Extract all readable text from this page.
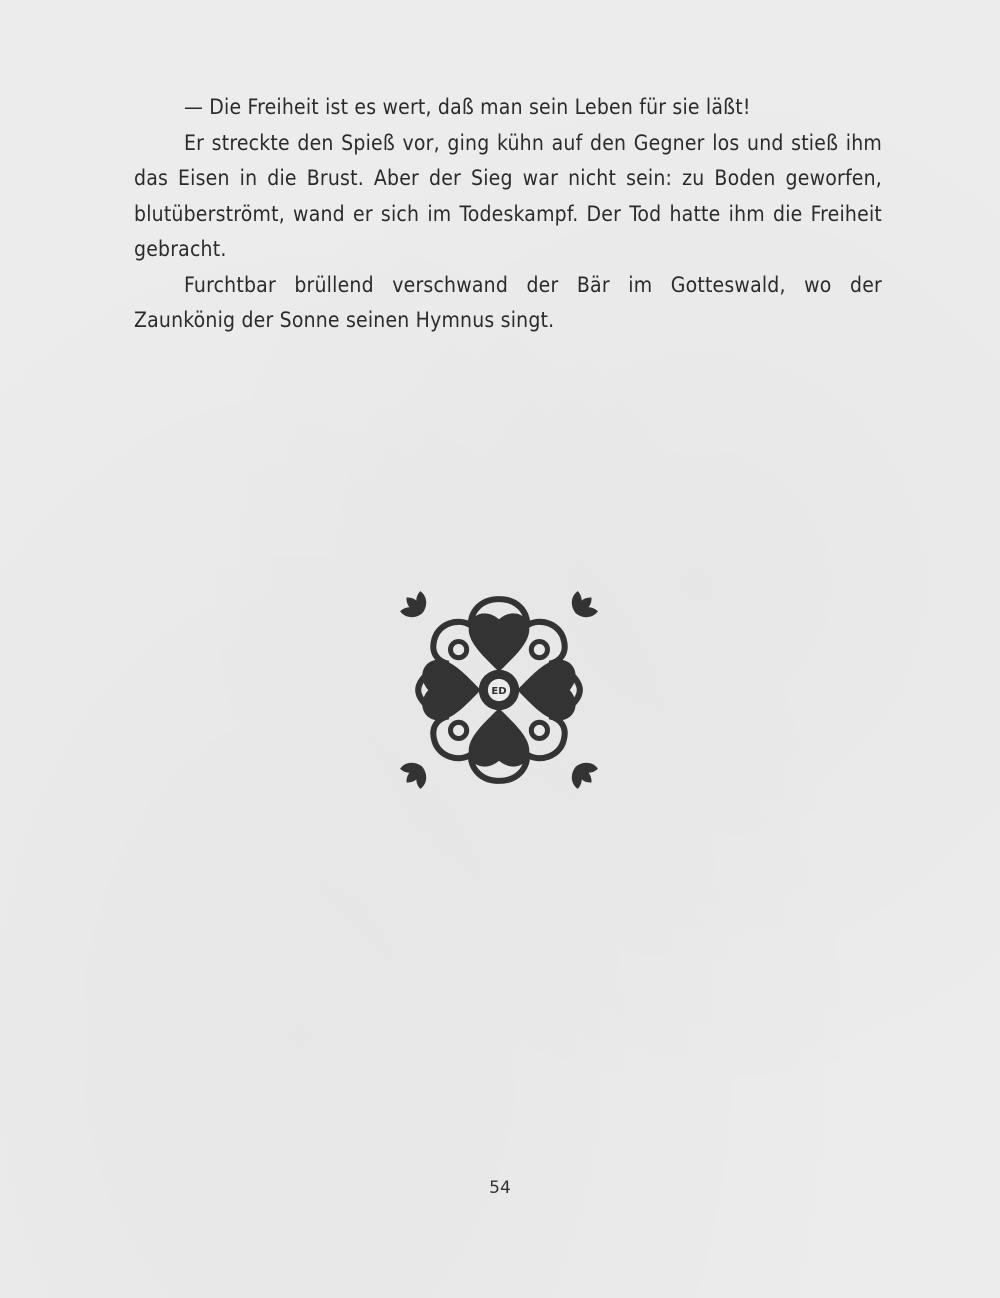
— Die Freiheit ist es wert, daß man sein Leben für sie läßt!

Er streckte den Spieß vor, ging kühn auf den Gegner los und stieß ihm das Eisen in die Brust. Aber der Sieg war nicht sein: zu Boden geworfen, blutüberströmt, wand er sich im Todeskampf. Der Tod hatte ihm die Freiheit gebracht.

Furchtbar brüllend verschwand der Bär im Gotteswald, wo der Zaunkönig der Sonne seinen Hymnus singt.

ED
54
